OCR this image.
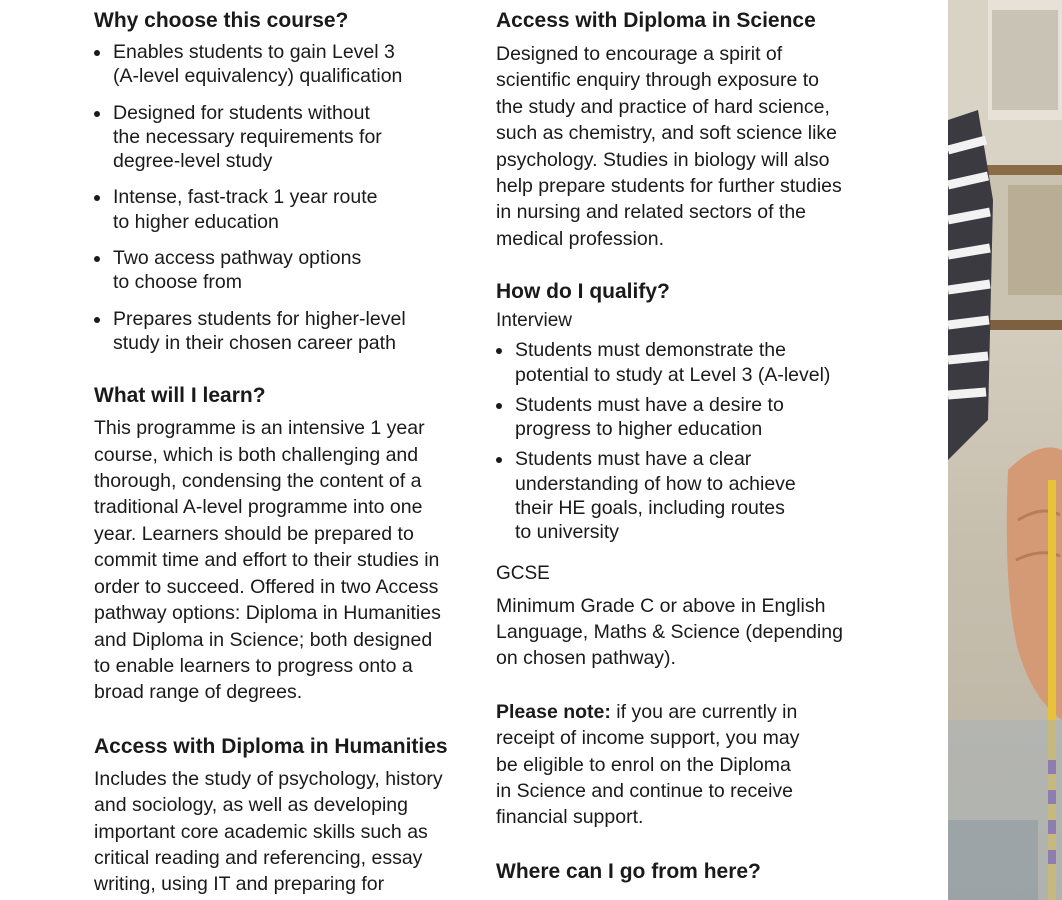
Why choose this course?
Enables students to gain Level 3
(A-level equivalency) qualification
Designed for students without
the necessary requirements for
degree-level study
Intense, fast-track 1 year route
to higher education
Two access pathway options
to choose from
Prepares students for higher-level
study in their chosen career path
What will I learn?

This programme is an intensive 1 year
course, which is both challenging and
thorough, condensing the content of a
traditional A-level programme into one
year. Learners should be prepared to
commit time and effort to their studies in
order to succeed. Offered in two Access
pathway options: Diploma in Humanities
and Diploma in Science; both designed
to enable learners to progress onto a
broad range of degrees.

Access with Diploma in Humanities

Includes the study of psychology, history
and sociology, as well as developing
important core academic skills such as
critical reading and referencing, essay
writing, using IT and preparing for

Access with Diploma in Science

Designed to encourage a spirit of
scientific enquiry through exposure to
the study and practice of hard science,
such as chemistry, and soft science like
psychology. Studies in biology will also
help prepare students for further studies
in nursing and related sectors of the
medical profession.

How do I qualify?
Interview
Students must demonstrate the
potential to study at Level 3 (A-level)
Students must have a desire to
progress to higher education
Students must have a clear
understanding of how to achieve
their HE goals, including routes
to university
GCSE

Minimum Grade C or above in English
Language, Maths & Science (depending
on chosen pathway).

Please note: if you are currently in
receipt of income support, you may
be eligible to enrol on the Diploma
in Science and continue to receive
financial support.

Where can I go from here?
